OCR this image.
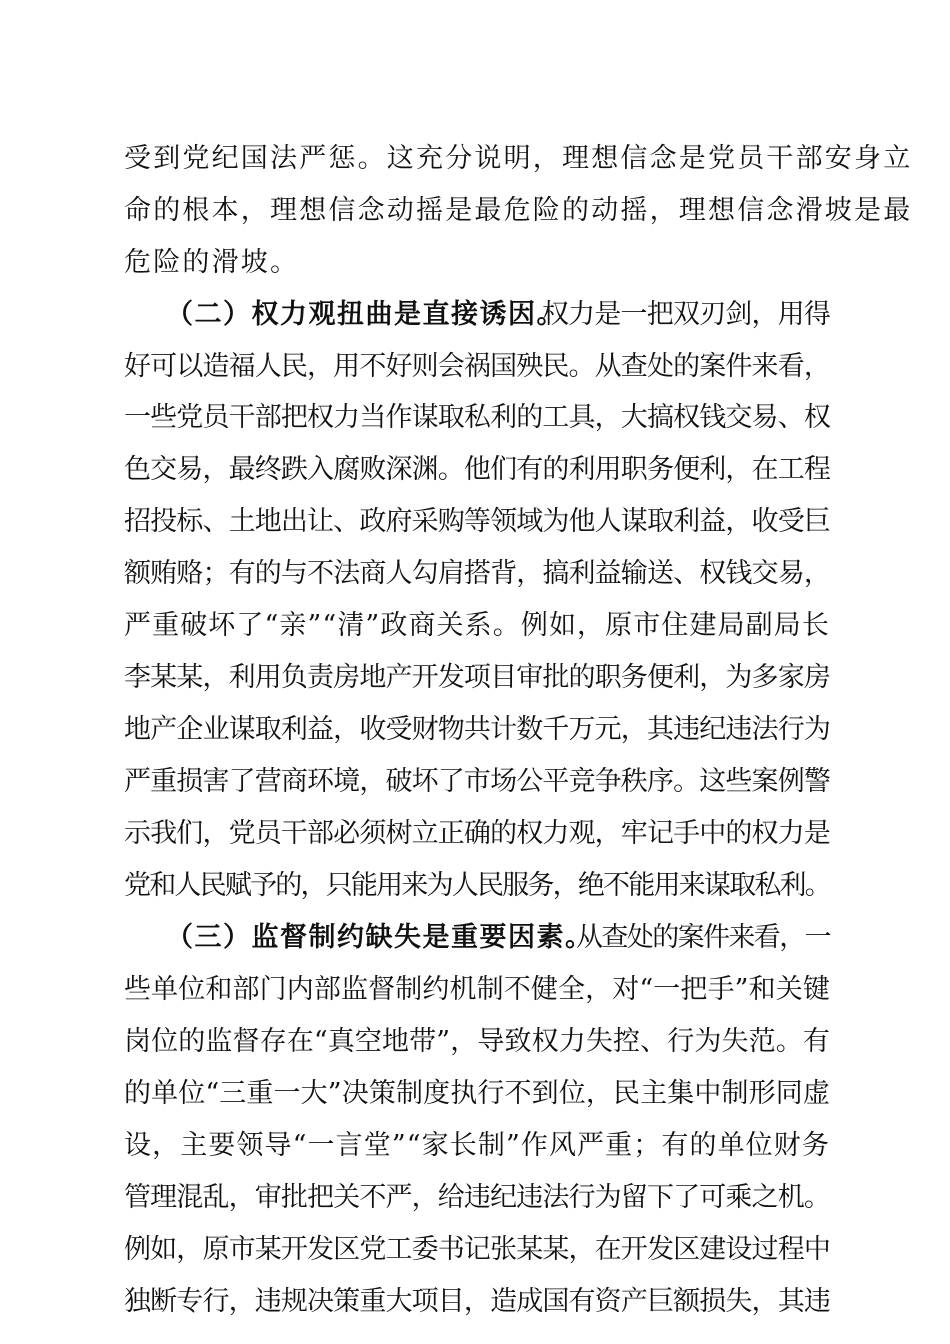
受到党纪国法严惩。这充分说明，理想信念是党员干部安身立
命的根本，理想信念动摇是最危险的动摇，理想信念滑坡是最
危险的滑坡。
（二）权力观扭曲是直接诱因。
权力是一把双刃剑，用得
好可以造福人民，用不好则会祸国殃民。从查处的案件来看，
一些党员干部把权力当作谋取私利的工具，大搞权钱交易、权
色交易，最终跌入腐败深渊。他们有的利用职务便利，在工程
招投标、土地出让、政府采购等领域为他人谋取利益，收受巨
额贿赂；有的与不法商人勾肩搭背，搞利益输送、权钱交易，
严重破坏了“亲”“清”政商关系。例如，原市住建局副局长
李某某，利用负责房地产开发项目审批的职务便利，为多家房
地产企业谋取利益，收受财物共计数千万元，其违纪违法行为
严重损害了营商环境，破坏了市场公平竞争秩序。这些案例警
示我们，党员干部必须树立正确的权力观，牢记手中的权力是
党和人民赋予的，只能用来为人民服务，绝不能用来谋取私利。
（三）监督制约缺失是重要因素。
从查处的案件来看，一
些单位和部门内部监督制约机制不健全，对“一把手”和关键
岗位的监督存在“真空地带”，导致权力失控、行为失范。有
的单位“三重一大”决策制度执行不到位，民主集中制形同虚
设，主要领导“一言堂”“家长制”作风严重；有的单位财务
管理混乱，审批把关不严，给违纪违法行为留下了可乘之机。
例如，原市某开发区党工委书记张某某，在开发区建设过程中
独断专行，违规决策重大项目，造成国有资产巨额损失，其违
